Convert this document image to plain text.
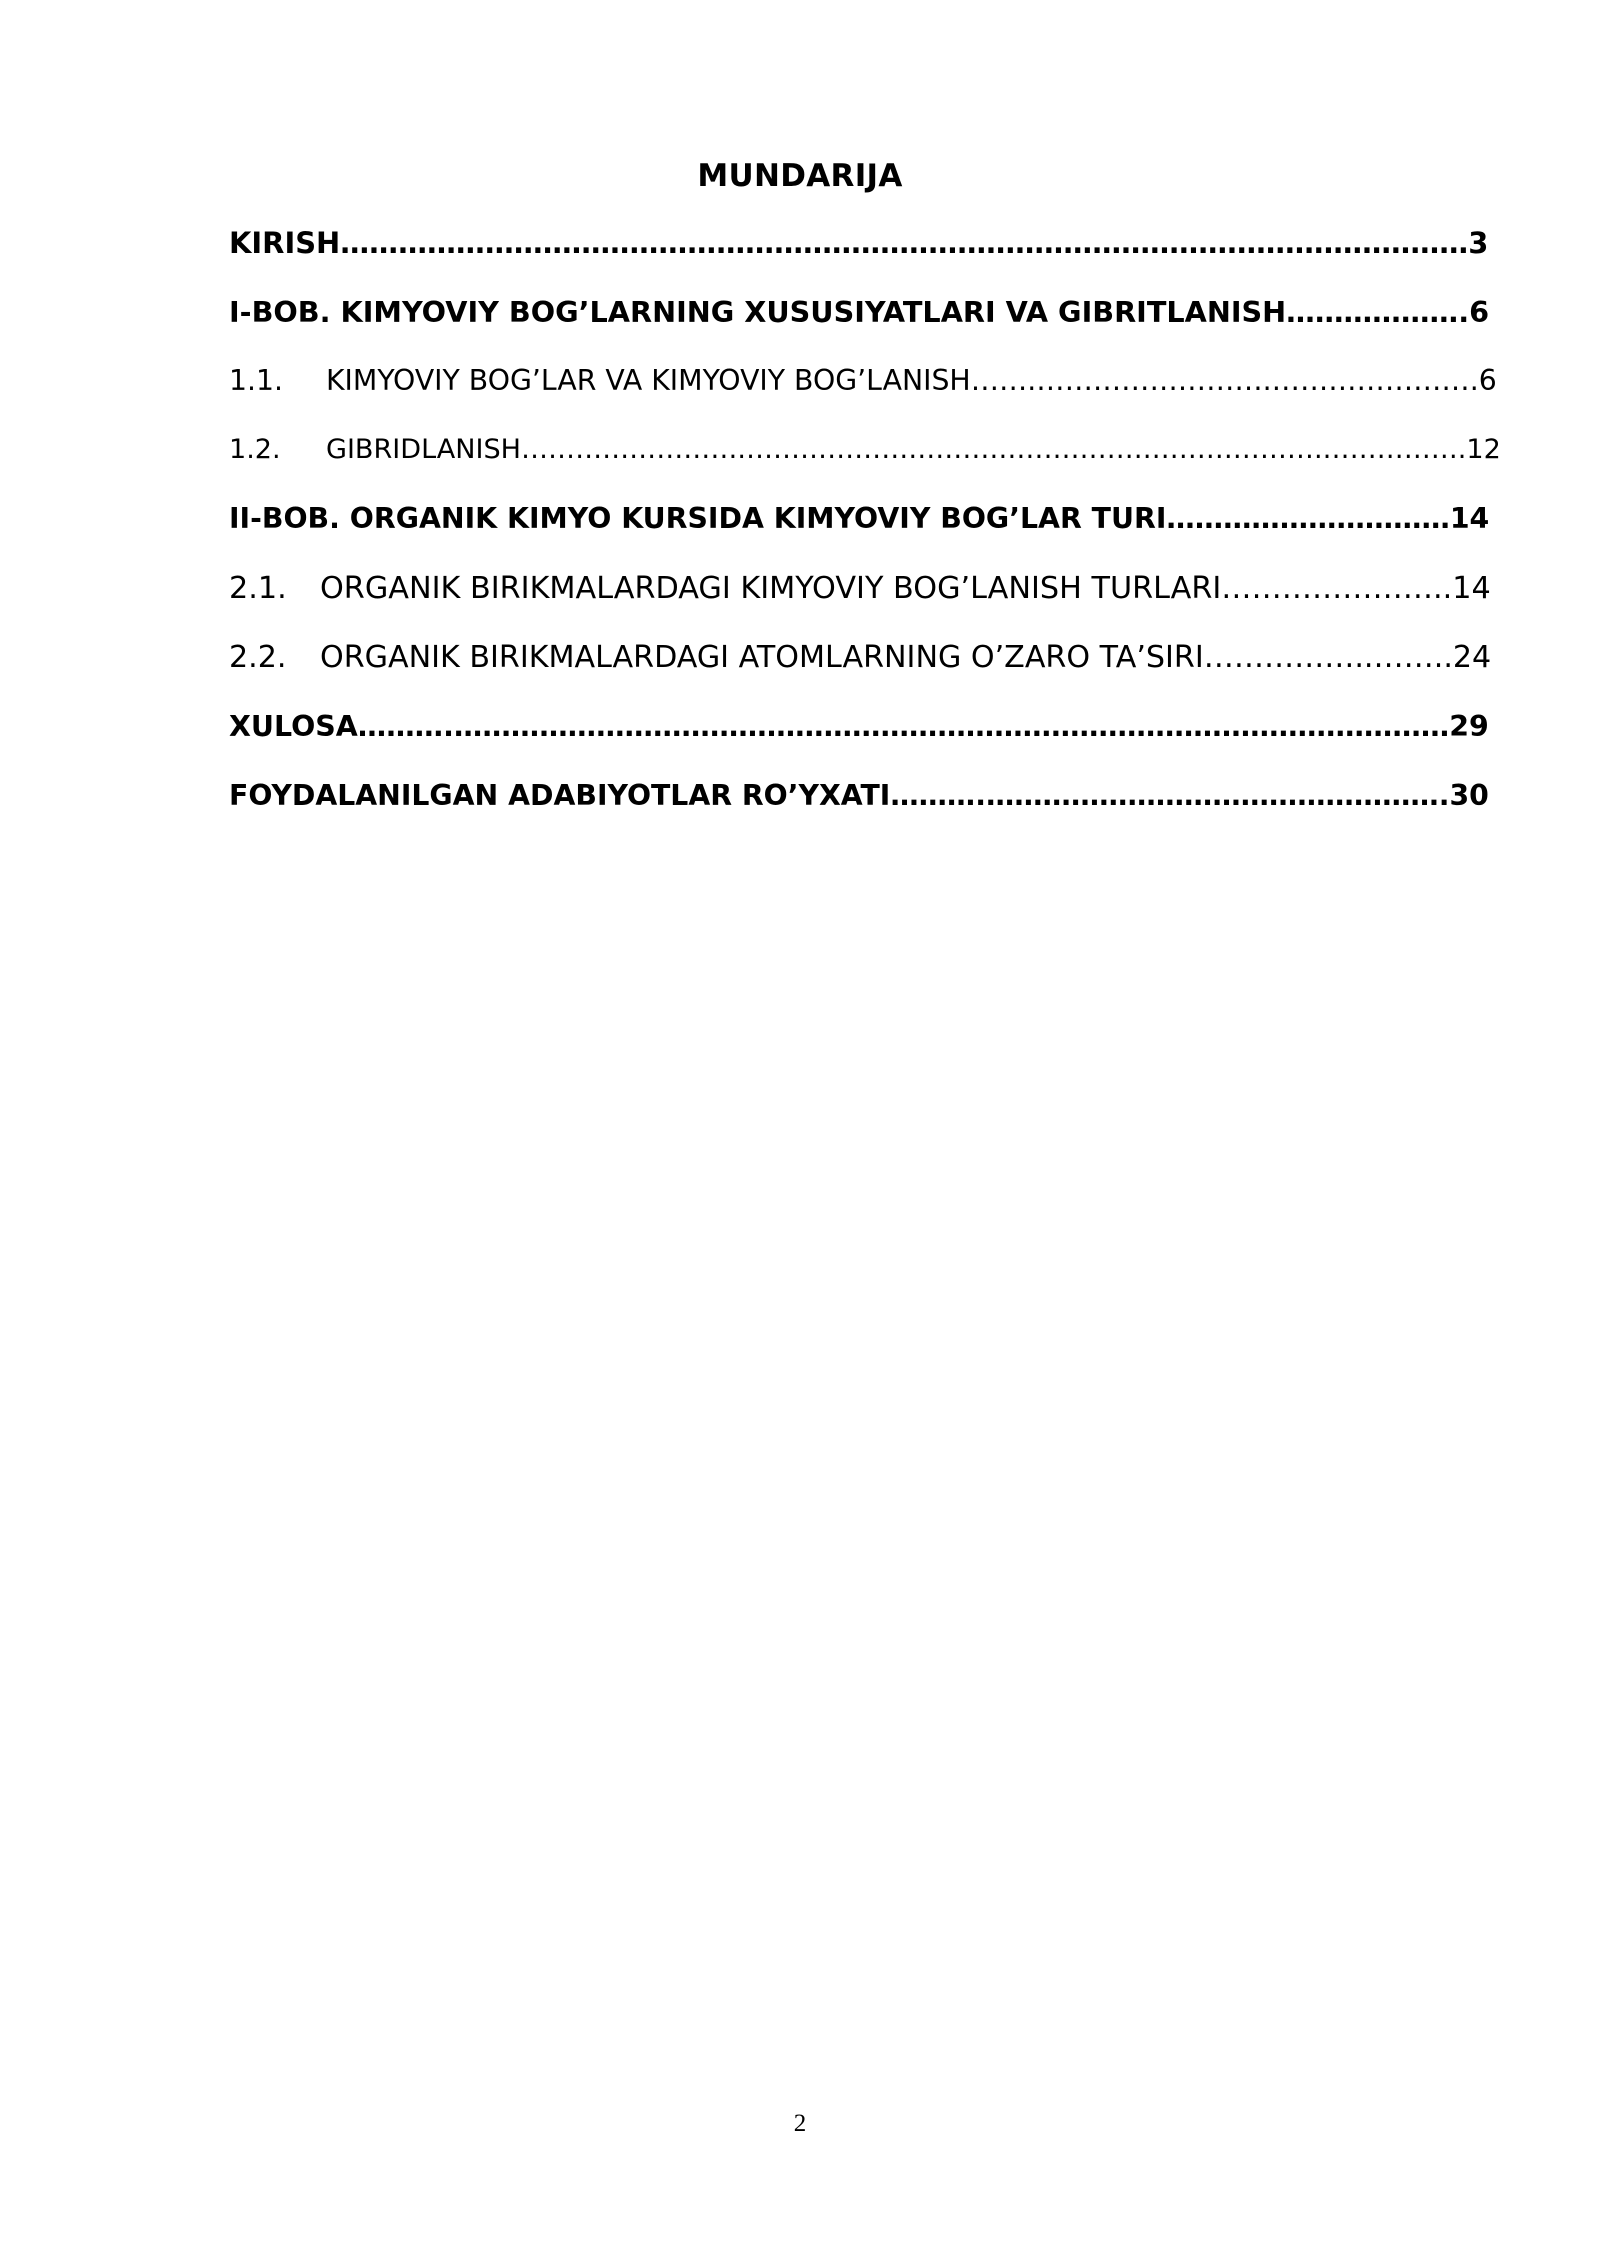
MUNDARIJA
KIRISH………………………………………………………………………………………………………3
I-BOB. KIMYOVIY BOG’LARNING XUSUSIYATLARI VA GIBRITLANISH……………….6
1.1. KIMYOVIY BOG’LAR VA KIMYOVIY BOG’LANISH…….…………………….………………….6
1.2. GIBRIDLANISH…………………….……………………………………………………….…………….12
II-BOB. ORGANIK KIMYO KURSIDA KIMYOVIY BOG’LAR TURI…………………………14
2.1. ORGANIK BIRIKMALARDAGI KIMYOVIY BOG’LANISH TURLARI…………………..14
2.2. ORGANIK BIRIKMALARDAGI ATOMLARNING O’ZARO TA’SIRI……………..……..24
XULOSA……….……………………………………………………………………………………………29
FOYDALANILGAN ADABIYOTLAR RO’YXATI……….………………………………………….30
2
